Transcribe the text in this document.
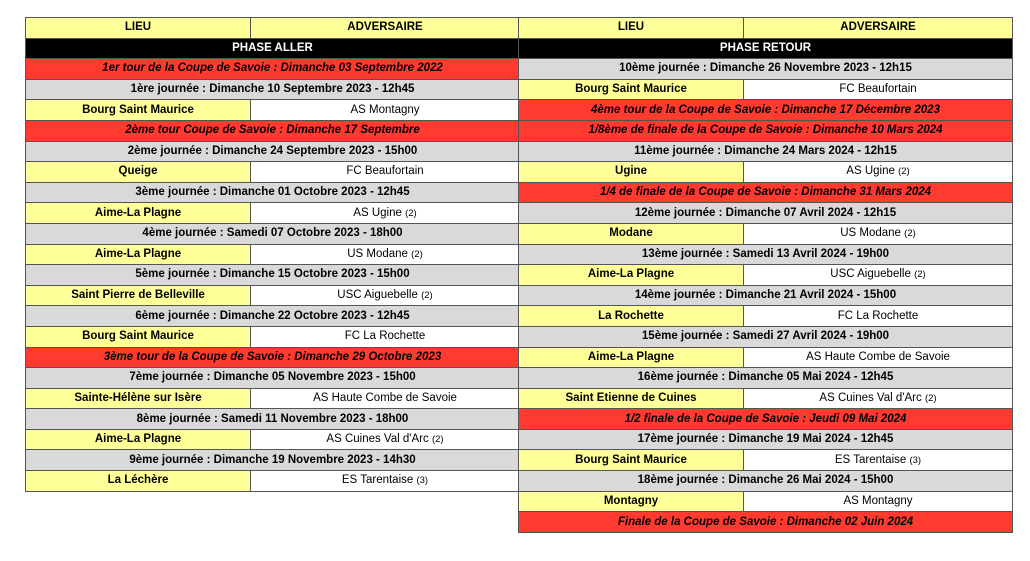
LIEU	ADVERSAIRE
PHASE ALLER	
1er tour de la Coupe de Savoie : Dimanche 03 Septembre 2022	
1ère journée : Dimanche 10 Septembre 2023 - 12h45	
Bourg Saint Maurice	AS Montagny
2ème tour Coupe de Savoie : Dimanche 17 Septembre	
2ème journée : Dimanche 24 Septembre 2023 - 15h00	
Queige	FC Beaufortain
3ème journée : Dimanche 01 Octobre 2023 - 12h45	
Aime-La Plagne	AS Ugine (2)
4ème journée : Samedi 07 Octobre 2023 - 18h00	
Aime-La Plagne	US Modane (2)
5ème journée : Dimanche 15 Octobre 2023 - 15h00	
Saint Pierre de Belleville	USC Aiguebelle (2)
6ème journée : Dimanche 22 Octobre 2023 - 12h45	
Bourg Saint Maurice	FC La Rochette
3ème tour de la Coupe de Savoie : Dimanche 29 Octobre 2023	
7ème journée : Dimanche 05 Novembre 2023 - 15h00	
Sainte-Hélène sur Isère	AS Haute Combe de Savoie
8ème journée : Samedi 11 Novembre 2023 - 18h00	
Aime-La Plagne	AS Cuines Val d'Arc (2)
9ème journée : Dimanche 19 Novembre 2023 - 14h30	
La Léchère	ES Tarentaise (3)
LIEU	ADVERSAIRE
PHASE RETOUR	
10ème journée : Dimanche 26 Novembre 2023 - 12h15	
Bourg Saint Maurice	FC Beaufortain
4ème tour de la Coupe de Savoie : Dimanche 17 Décembre 2023	
1/8ème de finale de la Coupe de Savoie : Dimanche 10 Mars 2024	
11ème journée : Dimanche 24 Mars 2024 - 12h15	
Ugine	AS Ugine (2)
1/4 de finale de la Coupe de Savoie : Dimanche 31 Mars 2024	
12ème journée : Dimanche 07 Avril 2024 - 12h15	
Modane	US Modane (2)
13ème journée : Samedi 13 Avril 2024 - 19h00	
Aime-La Plagne	USC Aiguebelle (2)
14ème journée : Dimanche 21 Avril 2024 - 15h00	
La Rochette	FC La Rochette
15ème journée : Samedi 27 Avril 2024 - 19h00	
Aime-La Plagne	AS Haute Combe de Savoie
16ème journée : Dimanche 05 Mai 2024 - 12h45	
Saint Etienne de Cuines	AS Cuines Val d'Arc (2)
1/2 finale de la Coupe de Savoie : Jeudi 09 Mai 2024	
17ème journée : Dimanche 19 Mai 2024 - 12h45	
Bourg Saint Maurice	ES Tarentaise (3)
18ème journée : Dimanche 26 Mai 2024 - 15h00	
Montagny	AS Montagny
Finale de la Coupe de Savoie : Dimanche 02 Juin 2024	
